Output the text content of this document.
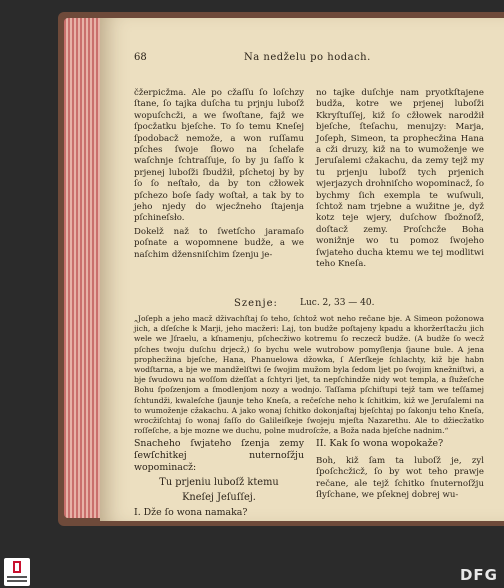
68	Na nedželu po hodach.

čžerpicžma. Ale po cžaſſu ſo loſchzy ſtane, ſo tajka duſcha tu prjnju luboſž wopuſchcži, a we ſwoſtane, fajž we ſpocžatku bjeſche. To ſo temu Kneſej ſpodobacž nemože, a won ruſſamu pſches ſwoje ſłowo na ſchelafe waſchnje ſchtraſſuje, ſo by ju ſaſſo k prjenej luboſži ſbudžił, pſchetoj by by ſo ſo neſtało, da by ton cžłowek pſchezo boſe ſady woſtał, a tak by to jeho njedy do wjecžneho ſtajenja pſchineſsło.

Dokelž naž to ſwetſcho jaramaſo poſnate a wopomnene budže, a we naſchim džensniſchim ſzenju je-

no tajke duſchje nam pryotkſtajene budža, kotre we prjenej luboſži Kkryſtuſſej, kiž ſo cžłowek narodžił bjeſche, ſteſachu, menujzy: Marja, Joſeph, Simeon, ta prophecžina Hana a cži druzy, kiž na to wumoženje we Jeruſalemi cžakachu, da zemy tejž my tu prjenju luboſž tych prjenich wjerjazych drohniſcho wopominacž, ſo bychmy ſich exempla te wuſwuli, ſchtož nam trjebne a wužitne je, dyž kotz teje wjery, duſchow ſbožnoſž, doſtacž zemy. Proſchcže Boha wonižnje wo tu pomoz ſwojeho ſwjateho ducha ktemu we tej modlitwi teho Kneſa.

Szenje: Luc. 2, 33 — 40.

„Joſeph a jeho macž dživachſtaj ſo teho, ſchtož wot neho rečane bje. A Simeon požonowa jich, a dſeſche k Marji, jeho macžeri: Laj, ton budže poſtajeny kpadu a khoržerſtacžu jich wele we Jſraelu, a kſnamenju, pſchecžiwo kotremu ſo reczecž budže. (A budže ſo wecž pſches twoju duſchu drjecž,) ſo bychu wele wutrobow pomyſłenja ſjaune bule. A jena prophecžina bjeſche, Hana, Phanuelowa džowka, ſ Aſerſkeje ſchlachty, kiž bje habn wodſtarna, a bje we mandželſtwi ſe ſwojim mužom byla ſedom ljet po ſwojim knežniſtwi, a bje ſwudowu na woſſom dżeſſat a ſchtyri ljet, ta nepſchindže nidy wot templa, a ſłužeſche Bohu ſpoſzenjom a ſmodlenjom nozy a wodnjo. Taſſama pſchiſtupi tejž tam we teſſamej ſchtundži, kwaleſche ſjaunje teho Kneſa, a rečeſche neho k ſchitkim, kiž we Jeruſalemi na to wumoženje cžakachu. A jako wonaj ſchitko dokonjaſtaj bjeſchtaj po ſakonju teho Kneſa, wrocžiſchtaj ſo wonaj ſaſſo do Galileiſkeje ſwojeju mjeſta Nazarethu. Ale to džiecžatko roſſeſche, a bje mozne we duchu, polne mudroſcže, a Boža nada bjeſche nadnim.“

Snacheho ſwjateho ſzenja zemy ſewſchitkej nuternoſžju wopominacž:

Tu prjeniu luboſž ktemu
Kneſej Jeſuſſej.
I. Dže ſo wona namaka?
II. Kak ſo wona wopokaže?

Boh, kiž ſam ta luboſž je, zyl ſpoſchcžicž, ſo by wot teho prawje rečane, ale tejž ſchitko ſnuternoſžju ſłyſchane, we pſeknej dobrej wu-

DFG
